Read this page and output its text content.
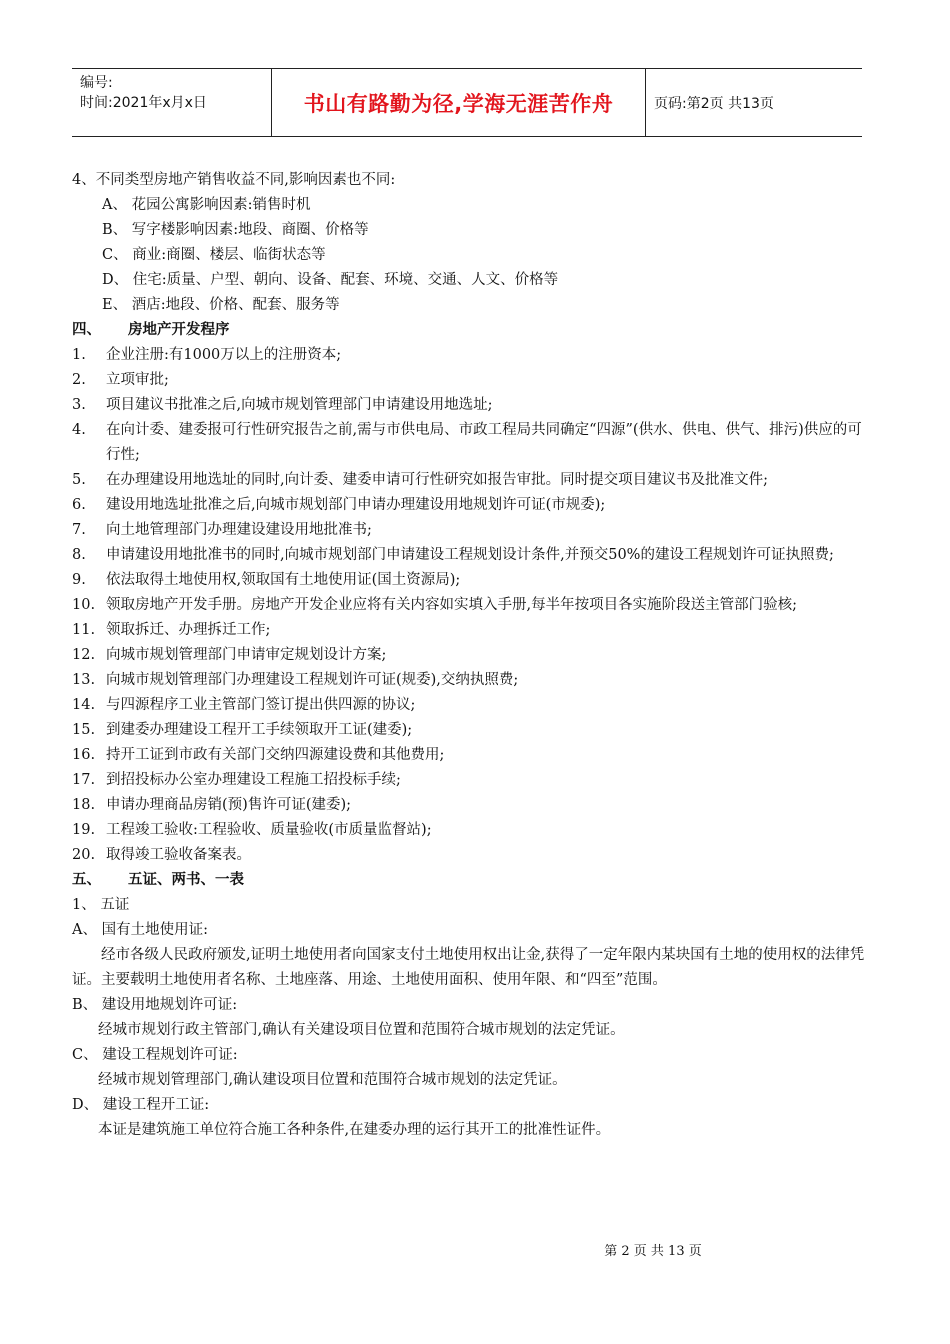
编号:
时间:2021年x月x日	书山有路勤为径,学海无涯苦作舟	页码:第2页 共13页
4、不同类型房地产销售收益不同,影响因素也不同:
A、 花园公寓影响因素:销售时机
B、 写字楼影响因素:地段、商圈、价格等
C、 商业:商圈、楼层、临街状态等
D、 住宅:质量、户型、朝向、设备、配套、环境、交通、人文、价格等
E、 酒店:地段、价格、配套、服务等
四、	房地产开发程序
1.	企业注册:有1000万以上的注册资本;
2.	立项审批;
3.	项目建议书批准之后,向城市规划管理部门申请建设用地选址;
4.	在向计委、建委报可行性研究报告之前,需与市供电局、市政工程局共同确定“四源”(供水、供电、供气、排污)供应的可行性;
5.	在办理建设用地选址的同时,向计委、建委申请可行性研究如报告审批。同时提交项目建议书及批准文件;
6.	建设用地选址批准之后,向城市规划部门申请办理建设用地规划许可证(市规委);
7.	向土地管理部门办理建设建设用地批准书;
8.	申请建设用地批准书的同时,向城市规划部门申请建设工程规划设计条件,并预交50%的建设工程规划许可证执照费;
9.	依法取得土地使用权,领取国有土地使用证(国土资源局);
10. 领取房地产开发手册。房地产开发企业应将有关内容如实填入手册,每半年按项目各实施阶段送主管部门验核;
11. 领取拆迁、办理拆迁工作;
12. 向城市规划管理部门申请审定规划设计方案;
13. 向城市规划管理部门办理建设工程规划许可证(规委),交纳执照费;
14. 与四源程序工业主管部门签订提出供四源的协议;
15. 到建委办理建设工程开工手续领取开工证(建委);
16. 持开工证到市政有关部门交纳四源建设费和其他费用;
17. 到招投标办公室办理建设工程施工招投标手续;
18. 申请办理商品房销(预)售许可证(建委);
19. 工程竣工验收:工程验收、质量验收(市质量监督站);
20. 取得竣工验收备案表。
五、	五证、两书、一表
1、 五证
A、 国有土地使用证:
经市各级人民政府颁发,证明土地使用者向国家支付土地使用权出让金,获得了一定年限内某块国有土地的使用权的法律凭证。主要载明土地使用者名称、土地座落、用途、土地使用面积、使用年限、和“四至”范围。
B、 建设用地规划许可证:
经城市规划行政主管部门,确认有关建设项目位置和范围符合城市规划的法定凭证。
C、 建设工程规划许可证:
经城市规划管理部门,确认建设项目位置和范围符合城市规划的法定凭证。
D、 建设工程开工证:
本证是建筑施工单位符合施工各种条件,在建委办理的运行其开工的批准性证件。
第 2 页 共 13 页
